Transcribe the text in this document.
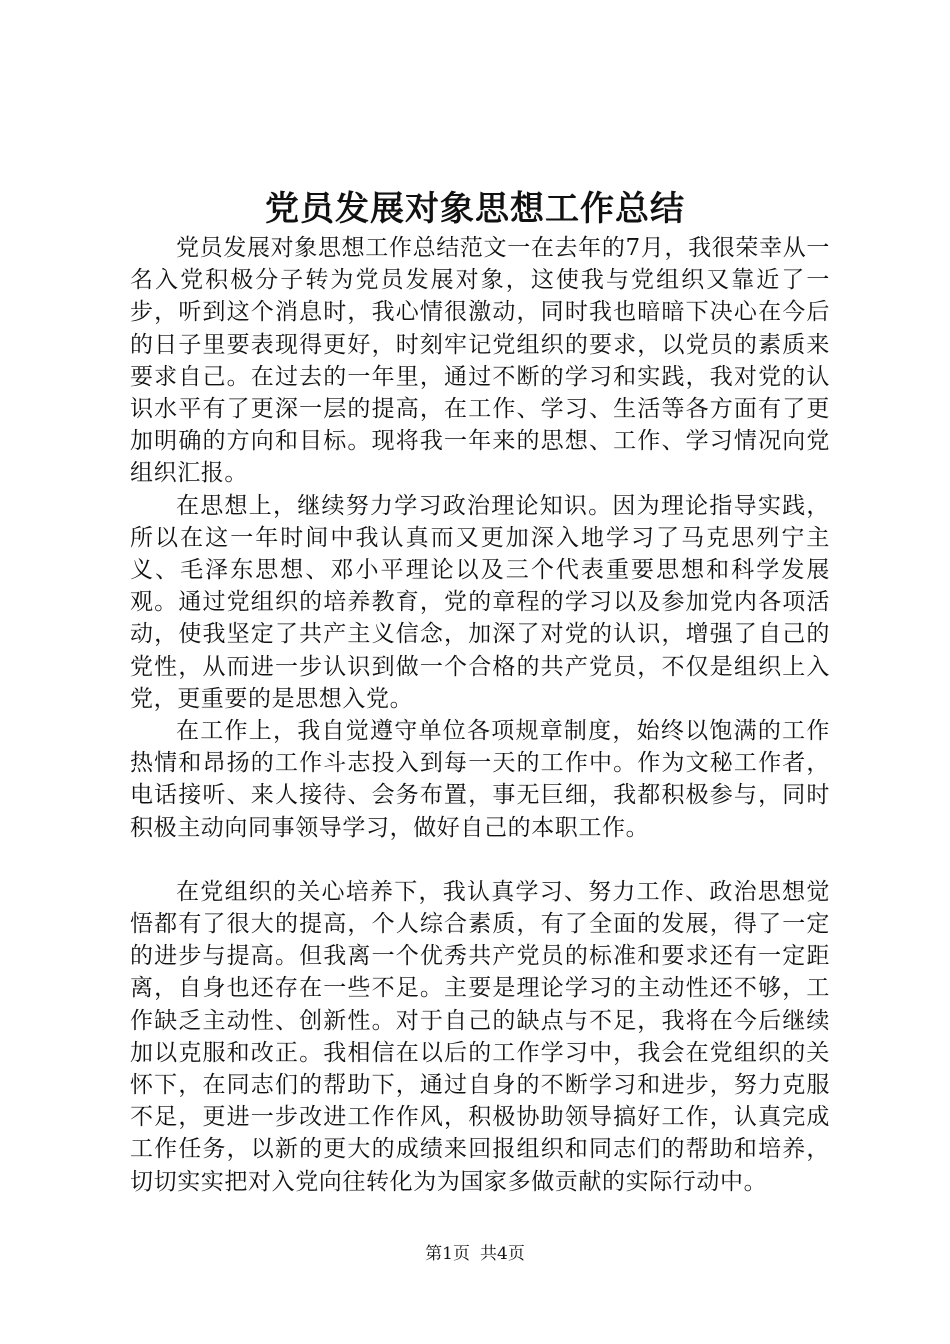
党员发展对象思想工作总结

党员发展对象思想工作总结范文一在去年的7月，我很荣幸从一名入党积极分子转为党员发展对象，这使我与党组织又靠近了一步，听到这个消息时，我心情很激动，同时我也暗暗下决心在今后的日子里要表现得更好，时刻牢记党组织的要求，以党员的素质来要求自己。在过去的一年里，通过不断的学习和实践，我对党的认识水平有了更深一层的提高，在工作、学习、生活等各方面有了更加明确的方向和目标。现将我一年来的思想、工作、学习情况向党组织汇报。

在思想上，继续努力学习政治理论知识。因为理论指导实践，所以在这一年时间中我认真而又更加深入地学习了马克思列宁主义、毛泽东思想、邓小平理论以及三个代表重要思想和科学发展观。通过党组织的培养教育，党的章程的学习以及参加党内各项活动，使我坚定了共产主义信念，加深了对党的认识，增强了自己的党性，从而进一步认识到做一个合格的共产党员，不仅是组织上入党，更重要的是思想入党。

在工作上，我自觉遵守单位各项规章制度，始终以饱满的工作热情和昂扬的工作斗志投入到每一天的工作中。作为文秘工作者，电话接听、来人接待、会务布置，事无巨细，我都积极参与，同时积极主动向同事领导学习，做好自己的本职工作。

在党组织的关心培养下，我认真学习、努力工作、政治思想觉悟都有了很大的提高，个人综合素质，有了全面的发展，得了一定的进步与提高。但我离一个优秀共产党员的标准和要求还有一定距离，自身也还存在一些不足。主要是理论学习的主动性还不够，工作缺乏主动性、创新性。对于自己的缺点与不足，我将在今后继续加以克服和改正。我相信在以后的工作学习中，我会在党组织的关怀下，在同志们的帮助下，通过自身的不断学习和进步，努力克服不足，更进一步改进工作作风，积极协助领导搞好工作，认真完成工作任务，以新的更大的成绩来回报组织和同志们的帮助和培养，切切实实把对入党向往转化为为国家多做贡献的实际行动中。

第1页 共4页
